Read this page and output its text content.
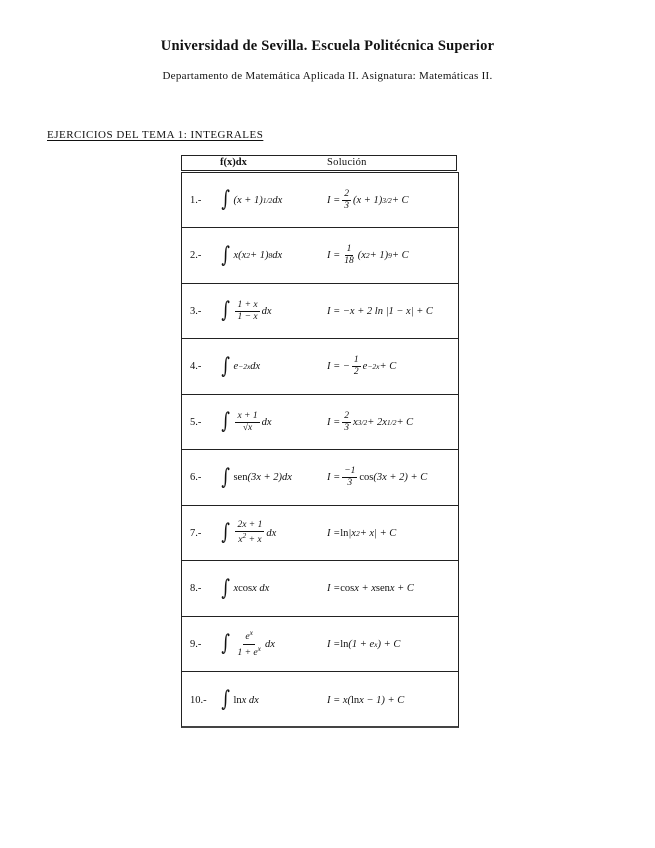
Universidad de Sevilla. Escuela Politécnica Superior
Departamento de Matemática Aplicada II. Asignatura: Matemáticas II.
EJERCICIOS DEL TEMA 1: INTEGRALES
f(x)dx	Solución
1.- ∫ (x + 1) 1/2 dx	$I = \frac{2}{3} (x + 1) 3/2 + C$
2.- ∫ x(x 2 + 1) 8 dx	$I = \frac{1}{18} (x$ 2 + 1) 9 + C
3.- ∫ $\frac{1 + x}{1 - x}$ dx	I = −x + 2 ln |1 − x| + C
4.- ∫ e −2x dx	I = − $\frac{1}{2}$ e −2x + C
5.- ∫ $\frac{x + 1}{√x}$ dx	$I = \frac{2}{3}$ x 3/2 + 2x 1/2 + C
6.- ∫ sen (3x + 2)dx	$I = \frac{-1}{3}$ cos (3x + 2) + C
7.- ∫ $\frac{2x + 1}{x^2 + x}$ dx	I = ln |x 2 + x| + C
8.- ∫ x cos x dx	I = cos x + x sen x + C
9.- ∫ $\frac{e^x}{1 + e^x}$ dx	I = ln (1 + e x ) + C
10.- ∫ ln x dx	I = x( ln x − 1) + C
